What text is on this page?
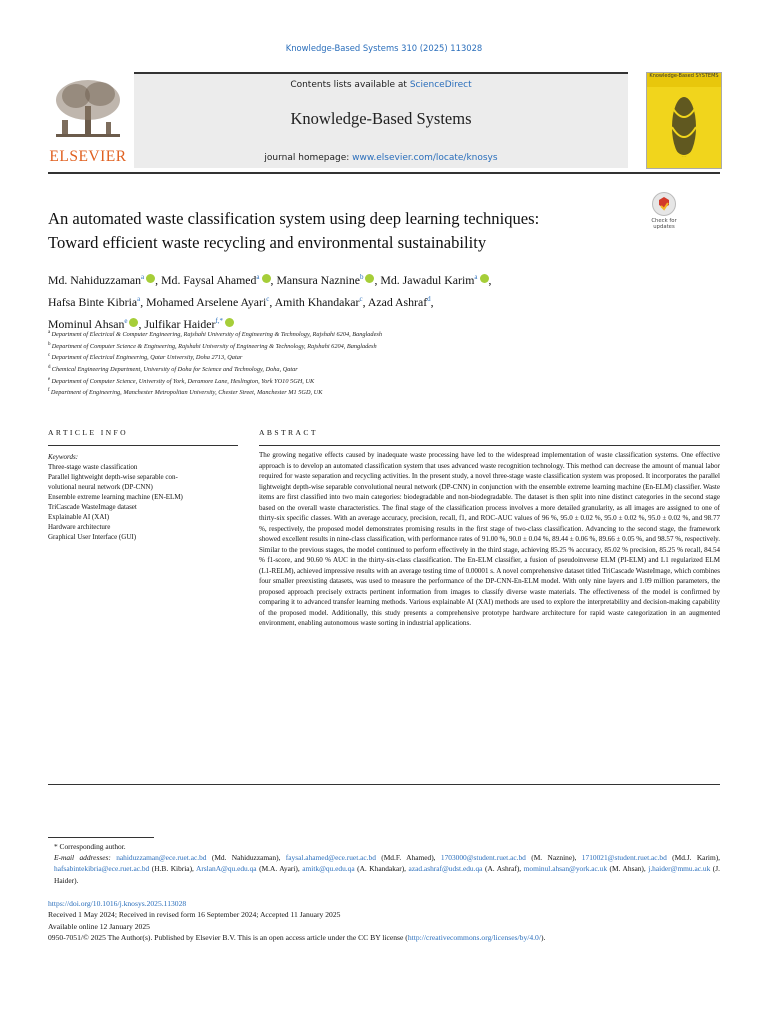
Knowledge-Based Systems 310 (2025) 113028
ELSEVIER
Contents lists available at ScienceDirect
Knowledge-Based Systems
journal homepage: www.elsevier.com/locate/knosys
Knowledge-Based SYSTEMS
Check for updates
An automated waste classification system using deep learning techniques:
Toward efficient waste recycling and environmental sustainability
Md. Nahiduzzaman$^a$ , Md. Faysal Ahamed$^a$ , Mansura Naznine$^b$ , Md. Jawadul Karim$^a$ ,
Hafsa Binte Kibria$^a$, Mohamed Arselene Ayari$^c$, Amith Khandakar$^c$, Azad Ashraf$^d$,
Mominul Ahsan$^e$ , Julfikar Haider$^{f,*}$
$^a$ Department of Electrical & Computer Engineering, Rajshahi University of Engineering & Technology, Rajshahi 6204, Bangladesh
$^b$ Department of Computer Science & Engineering, Rajshahi University of Engineering & Technology, Rajshahi 6204, Bangladesh
$^c$ Department of Electrical Engineering, Qatar University, Doha 2713, Qatar
$^d$ Chemical Engineering Department, University of Doha for Science and Technology, Doha, Qatar
$^e$ Department of Computer Science, University of York, Deramore Lane, Heslington, York YO10 5GH, UK
$^f$ Department of Engineering, Manchester Metropolitan University, Chester Street, Manchester M1 5GD, UK
ARTICLE INFO	ABSTRACT
Keywords:
Three-stage waste classification
Parallel lightweight depth-wise separable con-
volutional neural network (DP-CNN)
Ensemble extreme learning machine (EN-ELM)
TriCascade WasteImage dataset
Explainable AI (XAI)
Hardware architecture
Graphical User Interface (GUI)
The growing negative effects caused by inadequate waste processing have led to the widespread implementation of waste classification systems. One effective approach is to develop an automated classification system that uses advanced waste recognition technology. This method can decrease the amount of manual labor required for waste separation and recycling activities. In the present study, a novel three-stage waste classification system was proposed. It incorporates the parallel lightweight depth-wise separable convolutional neural network (DP-CNN) in conjunction with the ensemble extreme learning machine (En-ELM) classifier. Waste items are first classified into two main categories: biodegradable and non-biodegradable. The dataset is then split into nine distinct categories in the second stage based on the overall waste characteristics. The final stage of the classification process involves a more detailed granularity, as all images are assigned to one of thirty-six specific classes. With an average accuracy, precision, recall, f1, and ROC-AUC values of 96 %, 95.0 ± 0.02 %, 95.0 ± 0.02 %, 95.0 ± 0.02 %, and 98.77 %, respectively, the proposed model demonstrates promising results in the first stage of two-class classification. Advancing to the second stage, the framework showed excellent results in nine-class classification, with performance rates of 91.00 %, 90.0 ± 0.04 %, 89.44 ± 0.06 %, 89.66 ± 0.05 %, and 98.57 %, respectively. Similar to the previous stages, the model continued to perform effectively in the third stage, achieving 85.25 % accuracy, 85.02 % precision, 85.25 % recall, 84.54 % f1-score, and 90.60 % AUC in the thirty-six-class classification. The En-ELM classifier, a fusion of pseudoinverse ELM (PI-ELM) and L1 regularized ELM (L1-RELM), achieved impressive results with an average testing time of 0.00001 s. A novel comprehensive dataset titled TriCascade WasteImage, which combines four smaller preexisting datasets, was used to measure the performance of the DP-CNN-En-ELM model. With only nine layers and 1.09 million parameters, the proposed approach precisely extracts pertinent information from images to classify diverse waste materials. The effectiveness of the model is confirmed by comparing it to advanced transfer learning methods. Various explainable AI (XAI) methods are used to explore the interpretability and decision-making capability of the proposed model. Additionally, this study presents a comprehensive prototype hardware architecture for rapid waste categorization in an augmented environment, enabling autonomous waste sorting in industrial applications.
* Corresponding author.
E-mail addresses: nahiduzzaman@ece.ruet.ac.bd (Md. Nahiduzzaman), faysal.ahamed@ece.ruet.ac.bd (Md.F. Ahamed), 1703000@student.ruet.ac.bd (M. Naznine), 1710021@student.ruet.ac.bd (Md.J. Karim), hafsabintekibria@ece.ruet.ac.bd (H.B. Kibria), ArslanA@qu.edu.qa (M.A. Ayari), amitk@qu.edu.qa (A. Khandakar), azad.ashraf@udst.edu.qa (A. Ashraf), mominul.ahsan@york.ac.uk (M. Ahsan), j.haider@mmu.ac.uk (J. Haider).
https://doi.org/10.1016/j.knosys.2025.113028
Received 1 May 2024; Received in revised form 16 September 2024; Accepted 11 January 2025
Available online 12 January 2025
0950-7051/© 2025 The Author(s). Published by Elsevier B.V. This is an open access article under the CC BY license (http://creativecommons.org/licenses/by/4.0/).
